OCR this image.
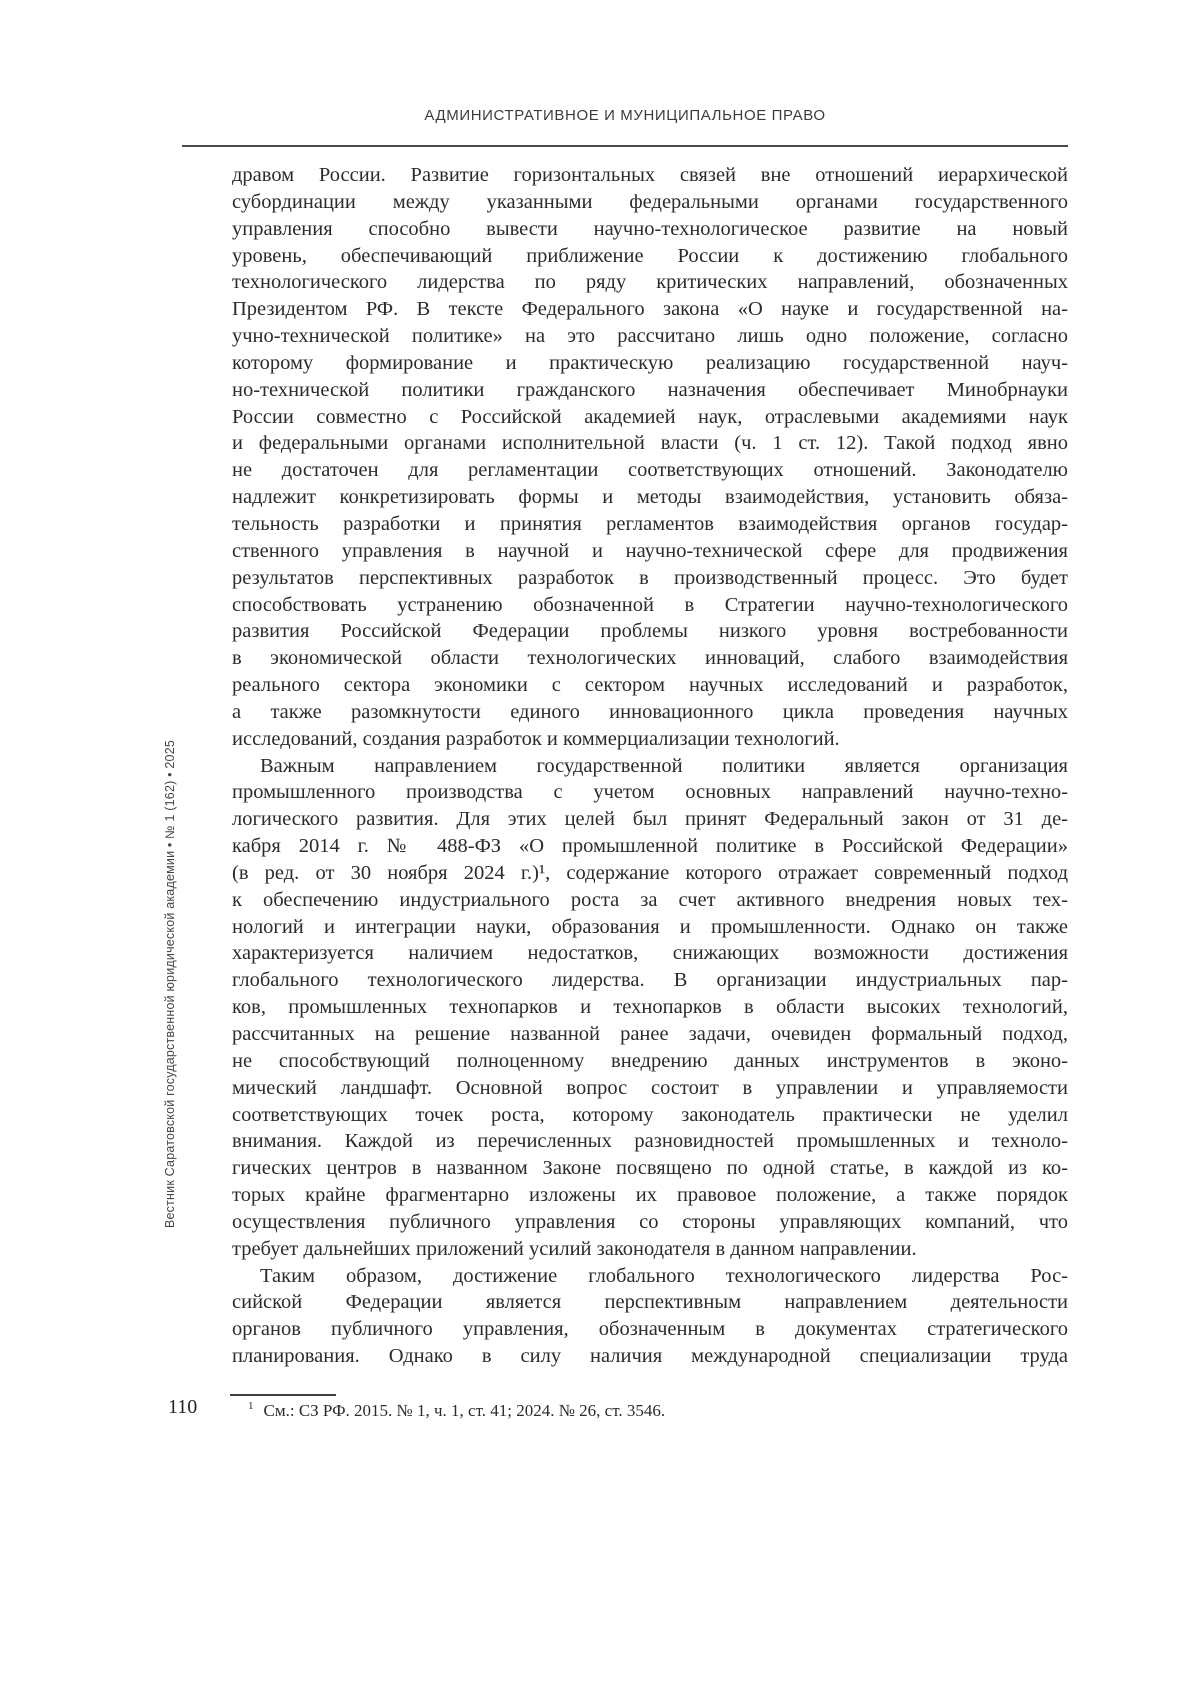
АДМИНИСТРАТИВНОЕ И МУНИЦИПАЛЬНОЕ ПРАВО
дравом России. Развитие горизонтальных связей вне отношений иерархической
субординации между указанными федеральными органами государственного
управления способно вывести научно-технологическое развитие на новый
уровень, обеспечивающий приближение России к достижению глобального
технологического лидерства по ряду критических направлений, обозначенных
Президентом РФ. В тексте Федерального закона «О науке и государственной на-
учно-технической политике» на это рассчитано лишь одно положение, согласно
которому формирование и практическую реализацию государственной науч-
но-технической политики гражданского назначения обеспечивает Минобрнауки
России совместно с Российской академией наук, отраслевыми академиями наук
и федеральными органами исполнительной власти (ч. 1 ст. 12). Такой подход явно
не достаточен для регламентации соответствующих отношений. Законодателю
надлежит конкретизировать формы и методы взаимодействия, установить обяза-
тельность разработки и принятия регламентов взаимодействия органов государ-
ственного управления в научной и научно-технической сфере для продвижения
результатов перспективных разработок в производственный процесс. Это будет
способствовать устранению обозначенной в Стратегии научно-технологического
развития Российской Федерации проблемы низкого уровня востребованности
в экономической области технологических инноваций, слабого взаимодействия
реального сектора экономики с сектором научных исследований и разработок,
а также разомкнутости единого инновационного цикла проведения научных
исследований, создания разработок и коммерциализации технологий.
Важным направлением государственной политики является организация
промышленного производства с учетом основных направлений научно-техно-
логического развития. Для этих целей был принят Федеральный закон от 31 де-
кабря 2014 г. № 488-ФЗ «О промышленной политике в Российской Федерации»
(в ред. от 30 ноября 2024 г.)¹, содержание которого отражает современный подход
к обеспечению индустриального роста за счет активного внедрения новых тех-
нологий и интеграции науки, образования и промышленности. Однако он также
характеризуется наличием недостатков, снижающих возможности достижения
глобального технологического лидерства. В организации индустриальных пар-
ков, промышленных технопарков и технопарков в области высоких технологий,
рассчитанных на решение названной ранее задачи, очевиден формальный подход,
не способствующий полноценному внедрению данных инструментов в эконо-
мический ландшафт. Основной вопрос состоит в управлении и управляемости
соответствующих точек роста, которому законодатель практически не уделил
внимания. Каждой из перечисленных разновидностей промышленных и техноло-
гических центров в названном Законе посвящено по одной статье, в каждой из ко-
торых крайне фрагментарно изложены их правовое положение, а также порядок
осуществления публичного управления со стороны управляющих компаний, что
требует дальнейших приложений усилий законодателя в данном направлении.
Таким образом, достижение глобального технологического лидерства Рос-
сийской Федерации является перспективным направлением деятельности
органов публичного управления, обозначенным в документах стратегического
планирования. Однако в силу наличия международной специализации труда
Вестник Саратовской государственной юридической академии • № 1 (162) • 2025
$^1$ См.: СЗ РФ. 2015. № 1, ч. 1, ст. 41; 2024. № 26, ст. 3546.
110
